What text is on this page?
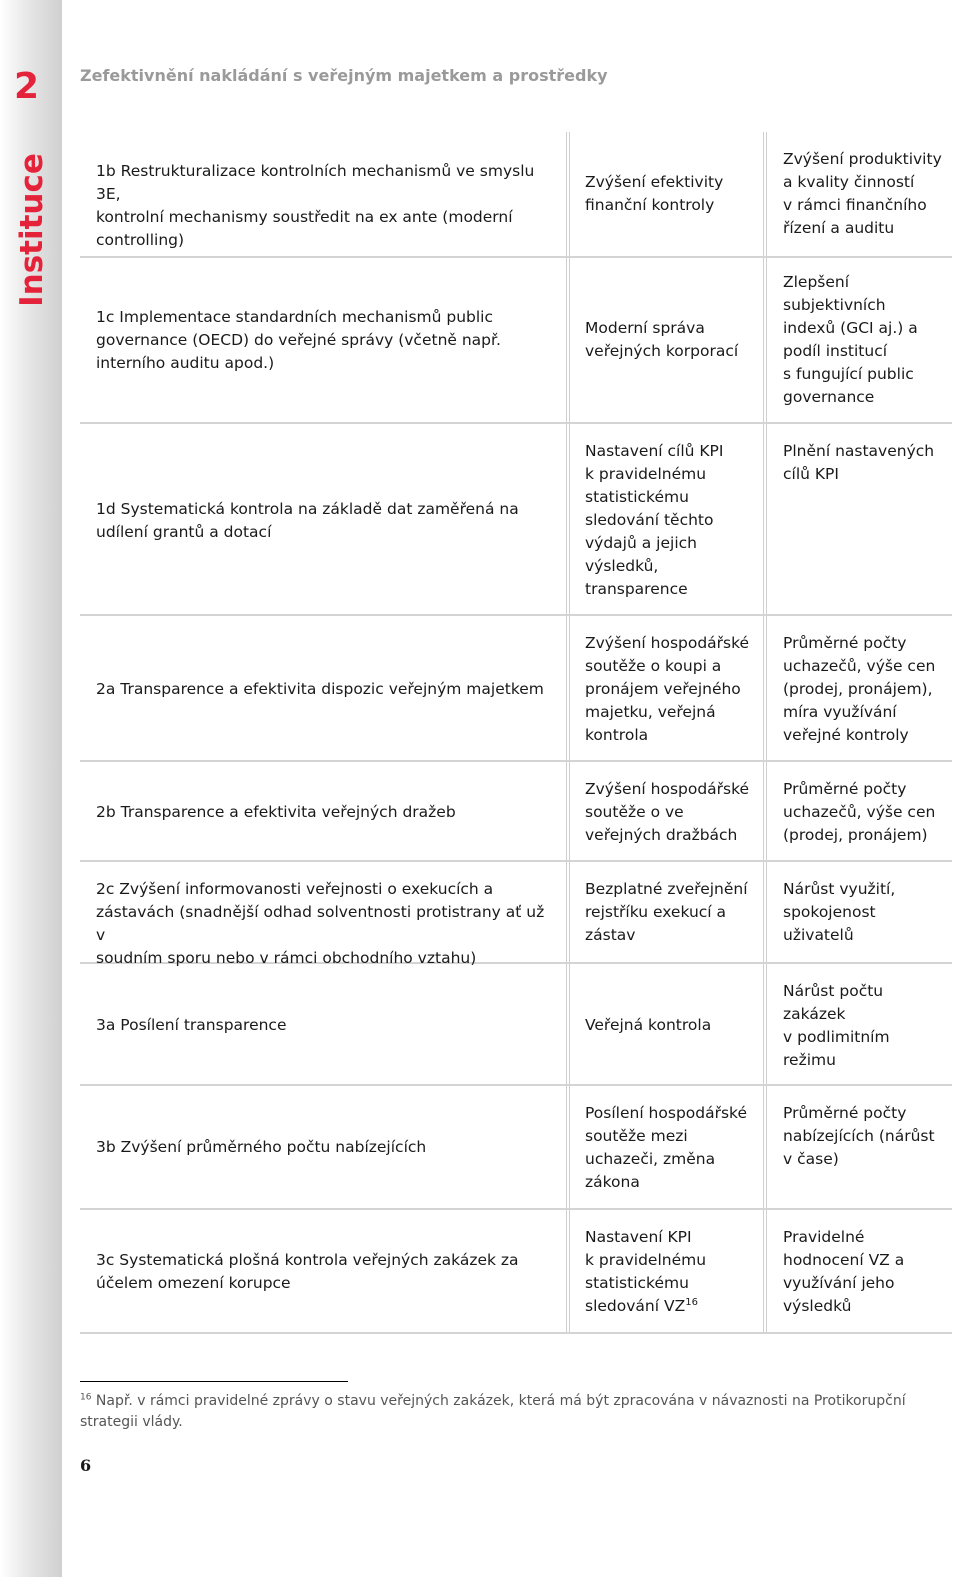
2
Instituce
Zefektivnění nakládání s veřejným majetkem a prostředky
1b Restrukturalizace kontrolních mechanismů ve smyslu 3E,
kontrolní mechanismy soustředit na ex ante (moderní
controlling)
Zvýšení efektivity
finanční kontroly
Zvýšení produktivity
a kvality činností
v rámci finančního
řízení a auditu
1c Implementace standardních mechanismů public
governance (OECD) do veřejné správy (včetně např.
interního auditu apod.)
Moderní správa
veřejných korporací
Zlepšení
subjektivních
indexů (GCI aj.) a
podíl institucí
s fungující public
governance
1d Systematická kontrola na základě dat zaměřená na
udílení grantů a dotací
Nastavení cílů KPI
k pravidelnému
statistickému
sledování těchto
výdajů a jejich
výsledků,
transparence
Plnění nastavených
cílů KPI
2a Transparence a efektivita dispozic veřejným majetkem
Zvýšení hospodářské
soutěže o koupi a
pronájem veřejného
majetku, veřejná
kontrola
Průměrné počty
uchazečů, výše cen
(prodej, pronájem),
míra využívání
veřejné kontroly
2b Transparence a efektivita veřejných dražeb
Zvýšení hospodářské
soutěže o ve
veřejných dražbách
Průměrné počty
uchazečů, výše cen
(prodej, pronájem)
2c Zvýšení informovanosti veřejnosti o exekucích a
zástavách (snadnější odhad solventnosti protistrany ať už v
soudním sporu nebo v rámci obchodního vztahu)
Bezplatné zveřejnění
rejstříku exekucí a
zástav
Nárůst využití,
spokojenost
uživatelů
3a Posílení transparence	Veřejná kontrola
Nárůst počtu
zakázek
v podlimitním
režimu
3b Zvýšení průměrného počtu nabízejících
Posílení hospodářské
soutěže mezi
uchazeči, změna
zákona
Průměrné počty
nabízejících (nárůst
v čase)
3c Systematická plošná kontrola veřejných zakázek za
účelem omezení korupce
Nastavení KPI
k pravidelnému
statistickému
sledování VZ$^{16}$
Pravidelné
hodnocení VZ a
využívání jeho
výsledků
$^{16}$ Např. v rámci pravidelné zprávy o stavu veřejných zakázek, která má být zpracována v návaznosti na Protikorupční strategii vlády.
6
